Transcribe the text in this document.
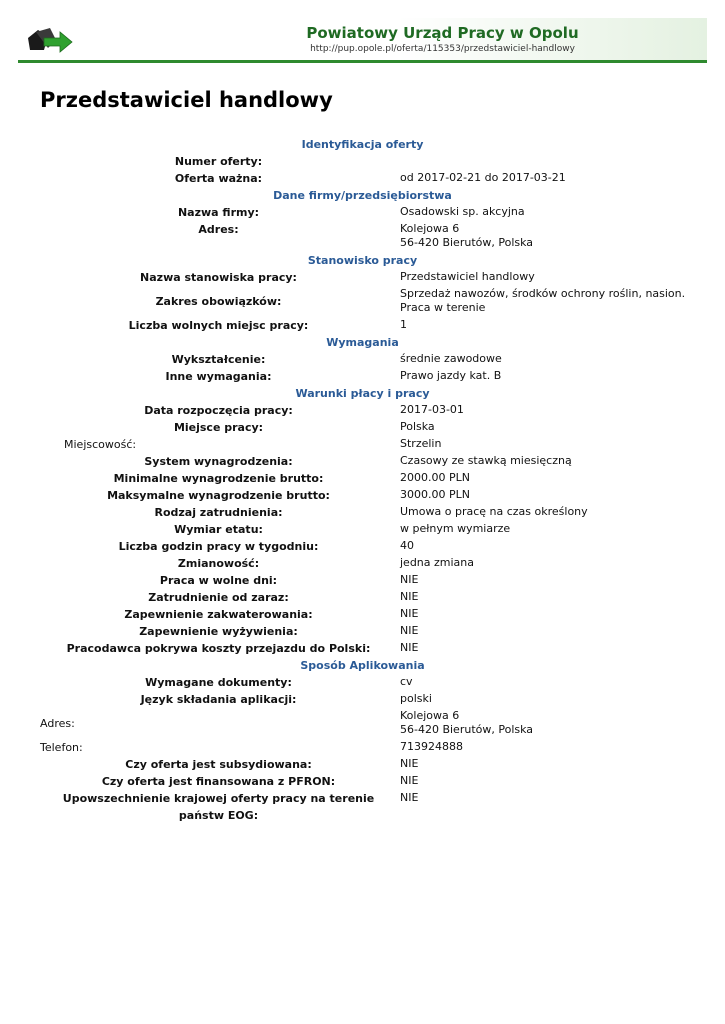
Powiatowy Urząd Pracy w Opolu
http://pup.opole.pl/oferta/115353/przedstawiciel-handlowy
Przedstawiciel handlowy
Identyfikacja oferty
Numer oferty:
Oferta ważna:	od 2017-02-21 do 2017-03-21
Dane firmy/przedsiębiorstwa
Nazwa firmy:	Osadowski sp. akcyjna
Adres:	Kolejowa 6
56-420 Bierutów, Polska
Stanowisko pracy
Nazwa stanowiska pracy:	Przedstawiciel handlowy
Zakres obowiązków:
Sprzedaż nawozów, środków ochrony roślin, nasion.
Praca w terenie
Liczba wolnych miejsc pracy:	1
Wymagania
Wykształcenie:	średnie zawodowe
Inne wymagania:	Prawo jazdy kat. B
Warunki płacy i pracy
Data rozpoczęcia pracy:	2017-03-01
Miejsce pracy:	Polska
Miejscowość:	Strzelin
System wynagrodzenia:	Czasowy ze stawką miesięczną
Minimalne wynagrodzenie brutto:	2000.00 PLN
Maksymalne wynagrodzenie brutto:	3000.00 PLN
Rodzaj zatrudnienia:	Umowa o pracę na czas określony
Wymiar etatu:	w pełnym wymiarze
Liczba godzin pracy w tygodniu:	40
Zmianowość:	jedna zmiana
Praca w wolne dni:	NIE
Zatrudnienie od zaraz:	NIE
Zapewnienie zakwaterowania:	NIE
Zapewnienie wyżywienia:	NIE
Pracodawca pokrywa koszty przejazdu do Polski:	NIE
Sposób Aplikowania
Wymagane dokumenty:	cv
Język składania aplikacji:	polski
Adres:
Kolejowa 6
56-420 Bierutów, Polska
Telefon:	713924888
Czy oferta jest subsydiowana:	NIE
Czy oferta jest finansowana z PFRON:	NIE
Upowszechnienie krajowej oferty pracy na terenie państw EOG:
NIE
